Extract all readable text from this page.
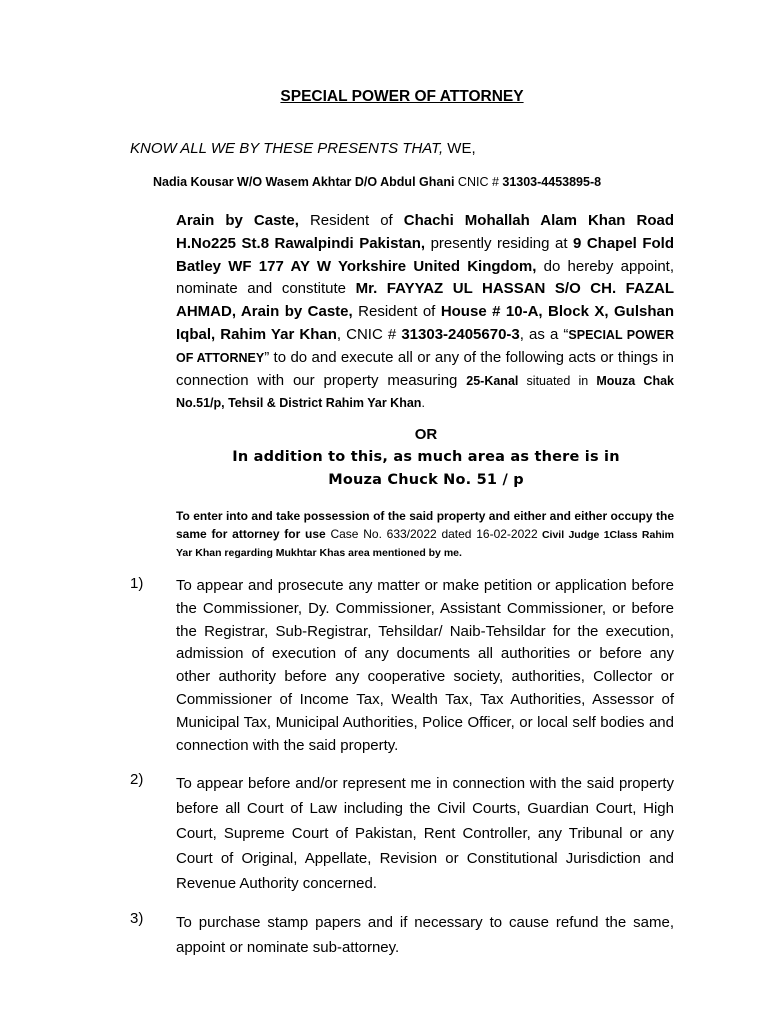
SPECIAL POWER OF ATTORNEY
KNOW ALL WE BY THESE PRESENTS THAT, WE,
Nadia Kousar W/O Wasem Akhtar D/O Abdul Ghani CNIC # 31303-4453895-8
Arain by Caste, Resident of Chachi Mohallah Alam Khan Road H.No225 St.8 Rawalpindi Pakistan, presently residing at 9 Chapel Fold Batley WF 177 AY W Yorkshire United Kingdom, do hereby appoint, nominate and constitute Mr. FAYYAZ UL HASSAN S/O CH. FAZAL AHMAD, Arain by Caste, Resident of House # 10-A, Block X, Gulshan Iqbal, Rahim Yar Khan, CNIC # 31303-2405670-3, as a “SPECIAL POWER OF ATTORNEY” to do and execute all or any of the following acts or things in connection with our property measuring 25-Kanal situated in Mouza Chak No.51/p, Tehsil & District Rahim Yar Khan.
OR
In addition to this, as much area as there is in
Mouza Chuck No. 51 / p
To enter into and take possession of the said property and either and either occupy the same for attorney for use Case No. 633/2022 dated 16-02-2022 Civil Judge 1Class Rahim Yar Khan regarding Mukhtar Khas area mentioned by me.
1) To appear and prosecute any matter or make petition or application before the Commissioner, Dy. Commissioner, Assistant Commissioner, or before the Registrar, Sub-Registrar, Tehsildar/ Naib-Tehsildar for the execution, admission of execution of any documents all authorities or before any other authority before any cooperative society, authorities, Collector or Commissioner of Income Tax, Wealth Tax, Tax Authorities, Assessor of Municipal Tax, Municipal Authorities, Police Officer, or local self bodies and connection with the said property.
2) To appear before and/or represent me in connection with the said property before all Court of Law including the Civil Courts, Guardian Court, High Court, Supreme Court of Pakistan, Rent Controller, any Tribunal or any Court of Original, Appellate, Revision or Constitutional Jurisdiction and Revenue Authority concerned.
3) To purchase stamp papers and if necessary to cause refund the same, appoint or nominate sub-attorney.
